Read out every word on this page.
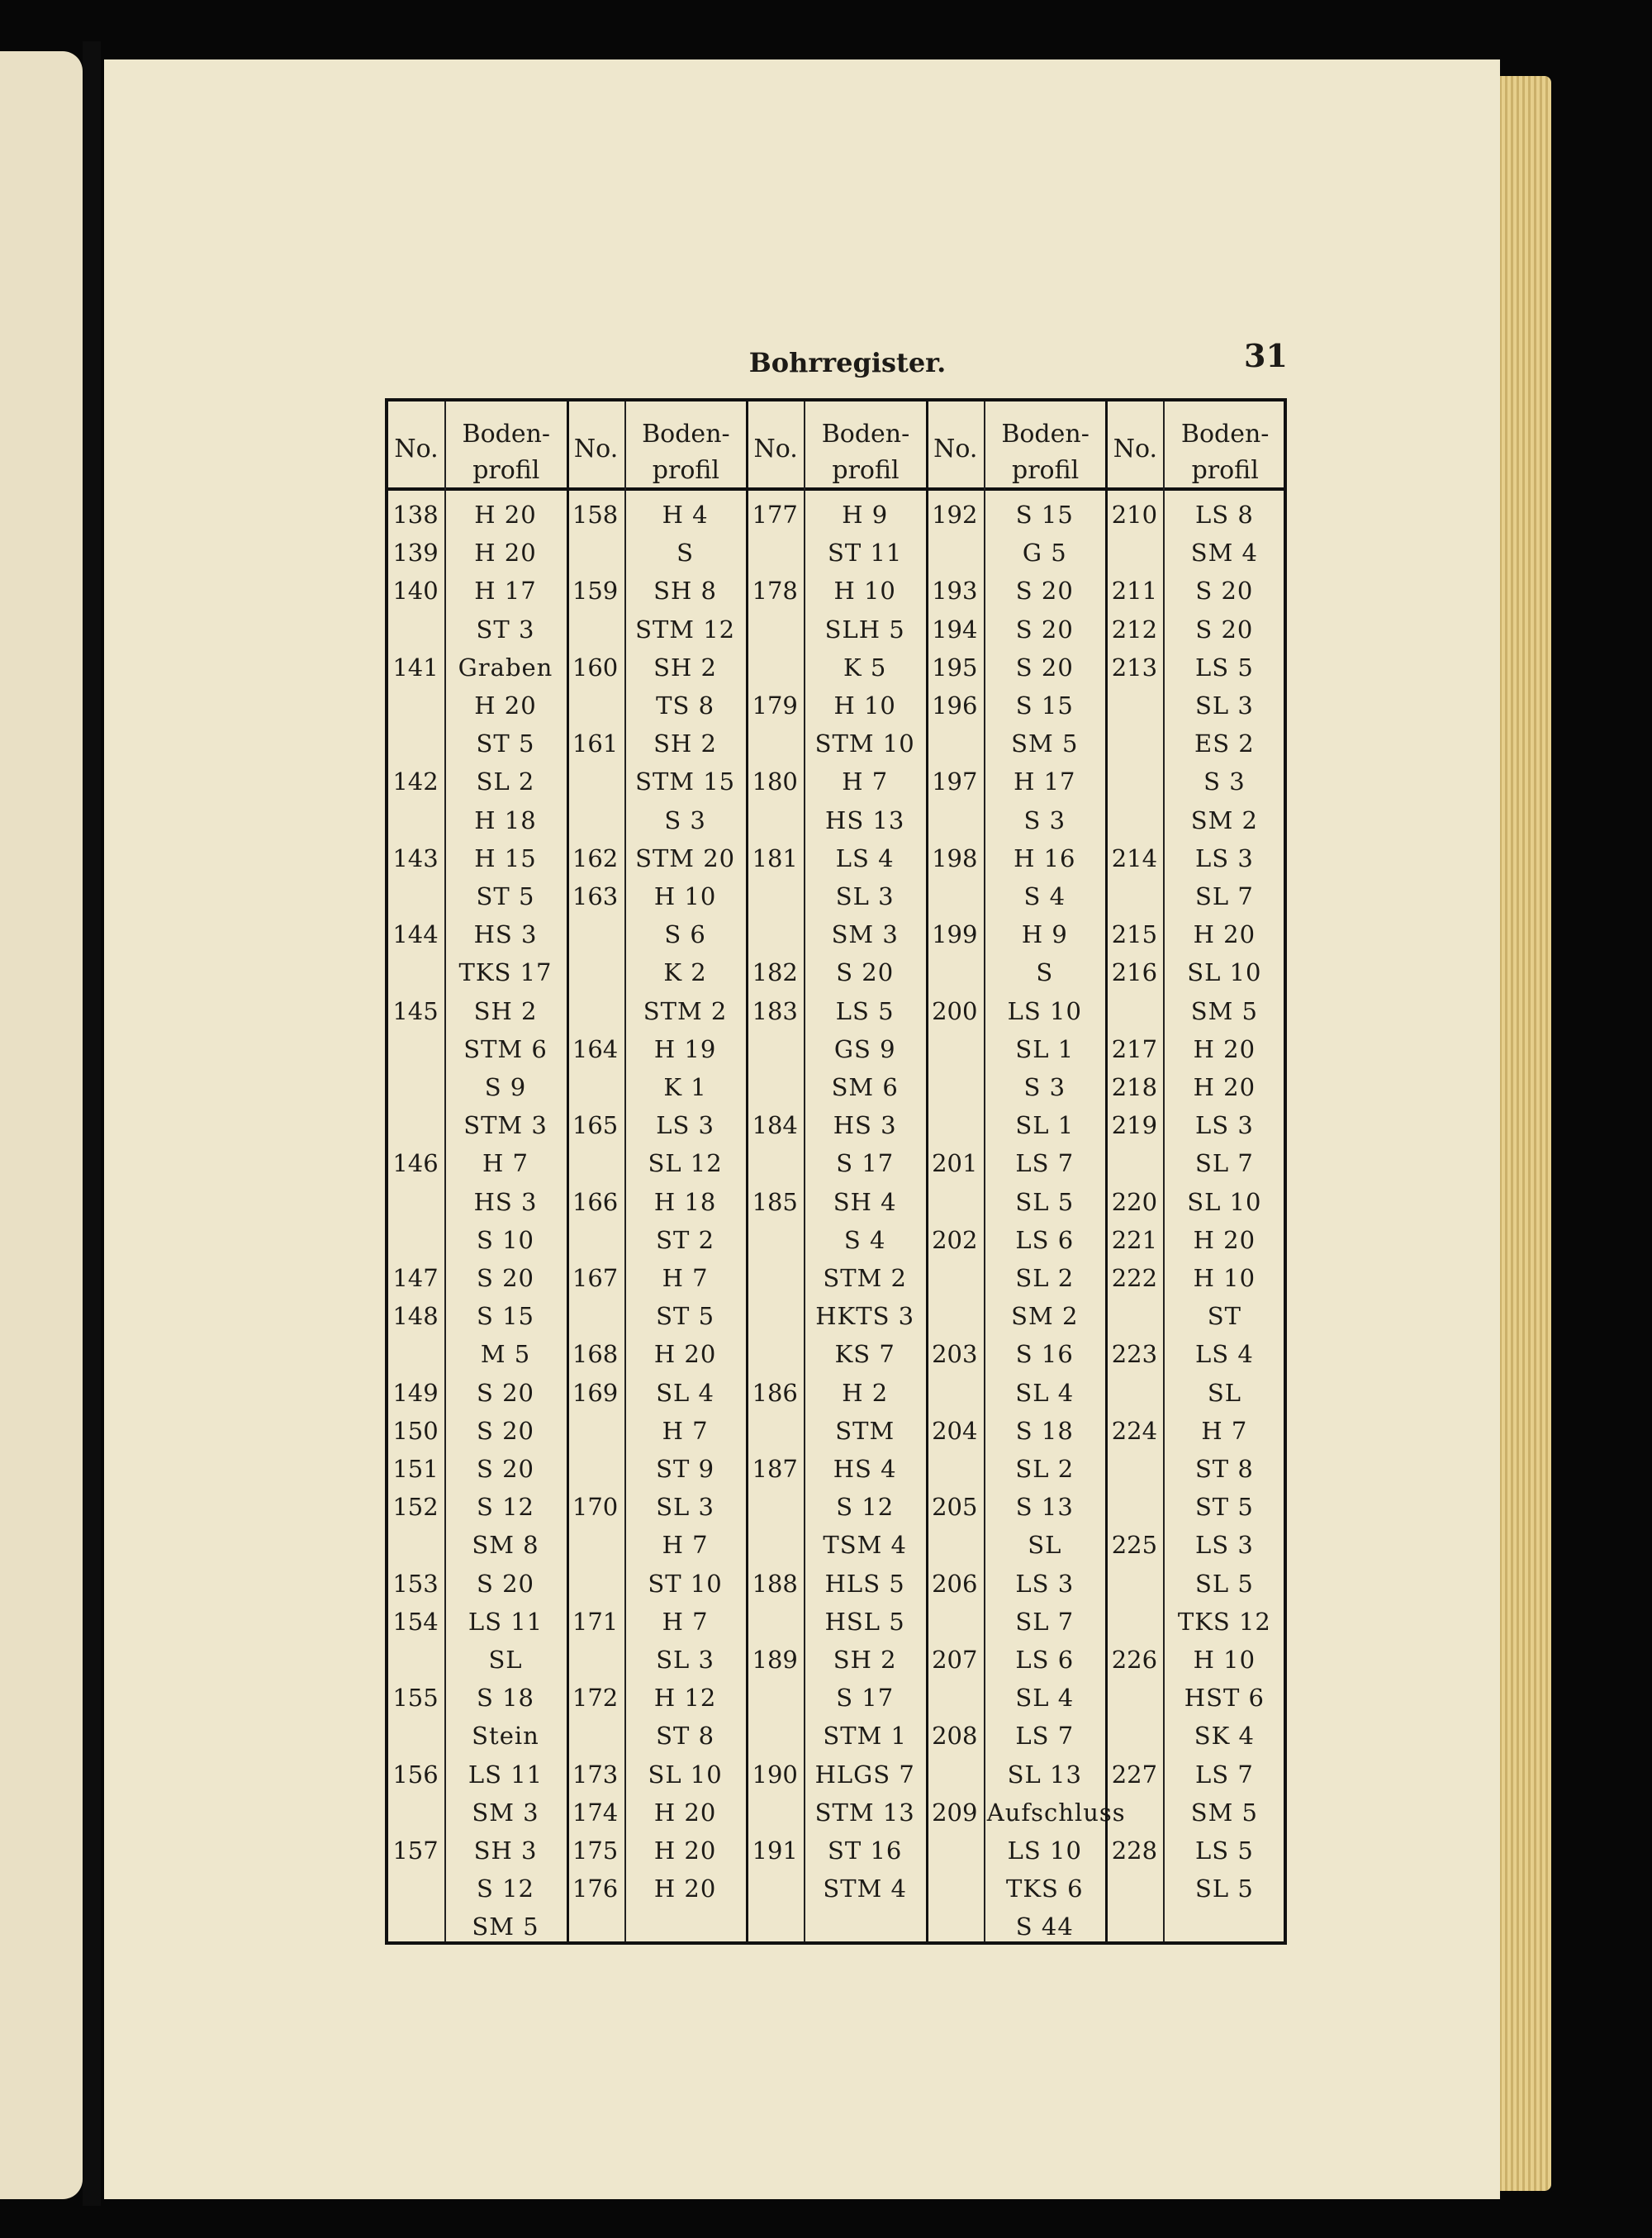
Bohrregister.	31
No.
Boden-
profil
138	H 20
139	H 20
140	H 17
ST 3
141 Graben
H 20
ST 5
142	SL 2
H 18
143	H 15
ST 5
144	HS 3
TKS 17
145	SH 2
STM 6
S 9
STM 3
146	H 7
HS 3
S 10
147	S 20
148	S 15
M 5
149	S 20
150	S 20
151	S 20
152	S 12
SM 8
153	S 20
154	LS 11
SL
155	S 18
Stein
156	LS 11
SM 3
157	SH 3
S 12
SM 5
No.
Boden-
profil
158	H 4
S
159	SH 8
STM 12
160	SH 2
TS 8
161	SH 2
STM 15
S 3
162 STM 20
163	H 10
S 6
K 2
STM 2
164	H 19
K 1
165	LS 3
SL 12
166	H 18
ST 2
167	H 7
ST 5
168	H 20
169	SL 4
H 7
ST 9
170	SL 3
H 7
ST 10
171	H 7
SL 3
172	H 12
ST 8
173	SL 10
174	H 20
175	H 20
176	H 20
No.
Boden-
profil
177	H 9
ST 11
178	H 10
SLH 5
K 5
179	H 10
STM 10
180	H 7
HS 13
181	LS 4
SL 3
SM 3
182	S 20
183	LS 5
GS 9
SM 6
184	HS 3
S 17
185	SH 4
S 4
STM 2
HKTS 3
KS 7
186	H 2
STM
187	HS 4
S 12
TSM 4
188	HLS 5
HSL 5
189	SH 2
S 17
STM 1
190 HLGS 7
STM 13
191	ST 16
STM 4
No.
Boden-
profil
192	S 15
G 5
193	S 20
194	S 20
195	S 20
196	S 15
SM 5
197	H 17
S 3
198	H 16
S 4
199	H 9
S
200	LS 10
SL 1
S 3
SL 1
201	LS 7
SL 5
202	LS 6
SL 2
SM 2
203	S 16
SL 4
204	S 18
SL 2
205	S 13
SL
206	LS 3
SL 7
207	LS 6
SL 4
208	LS 7
SL 13
209 Aufschluss
LS 10
TKS 6
S 44
No.
Boden-
profil
210	LS 8
SM 4
211	S 20
212	S 20
213	LS 5
SL 3
ES 2
S 3
SM 2
214	LS 3
SL 7
215	H 20
216	SL 10
SM 5
217	H 20
218	H 20
219	LS 3
SL 7
220	SL 10
221	H 20
222	H 10
ST
223	LS 4
SL
224	H 7
ST 8
ST 5
225	LS 3
SL 5
TKS 12
226	H 10
HST 6
SK 4
227	LS 7
SM 5
228	LS 5
SL 5
